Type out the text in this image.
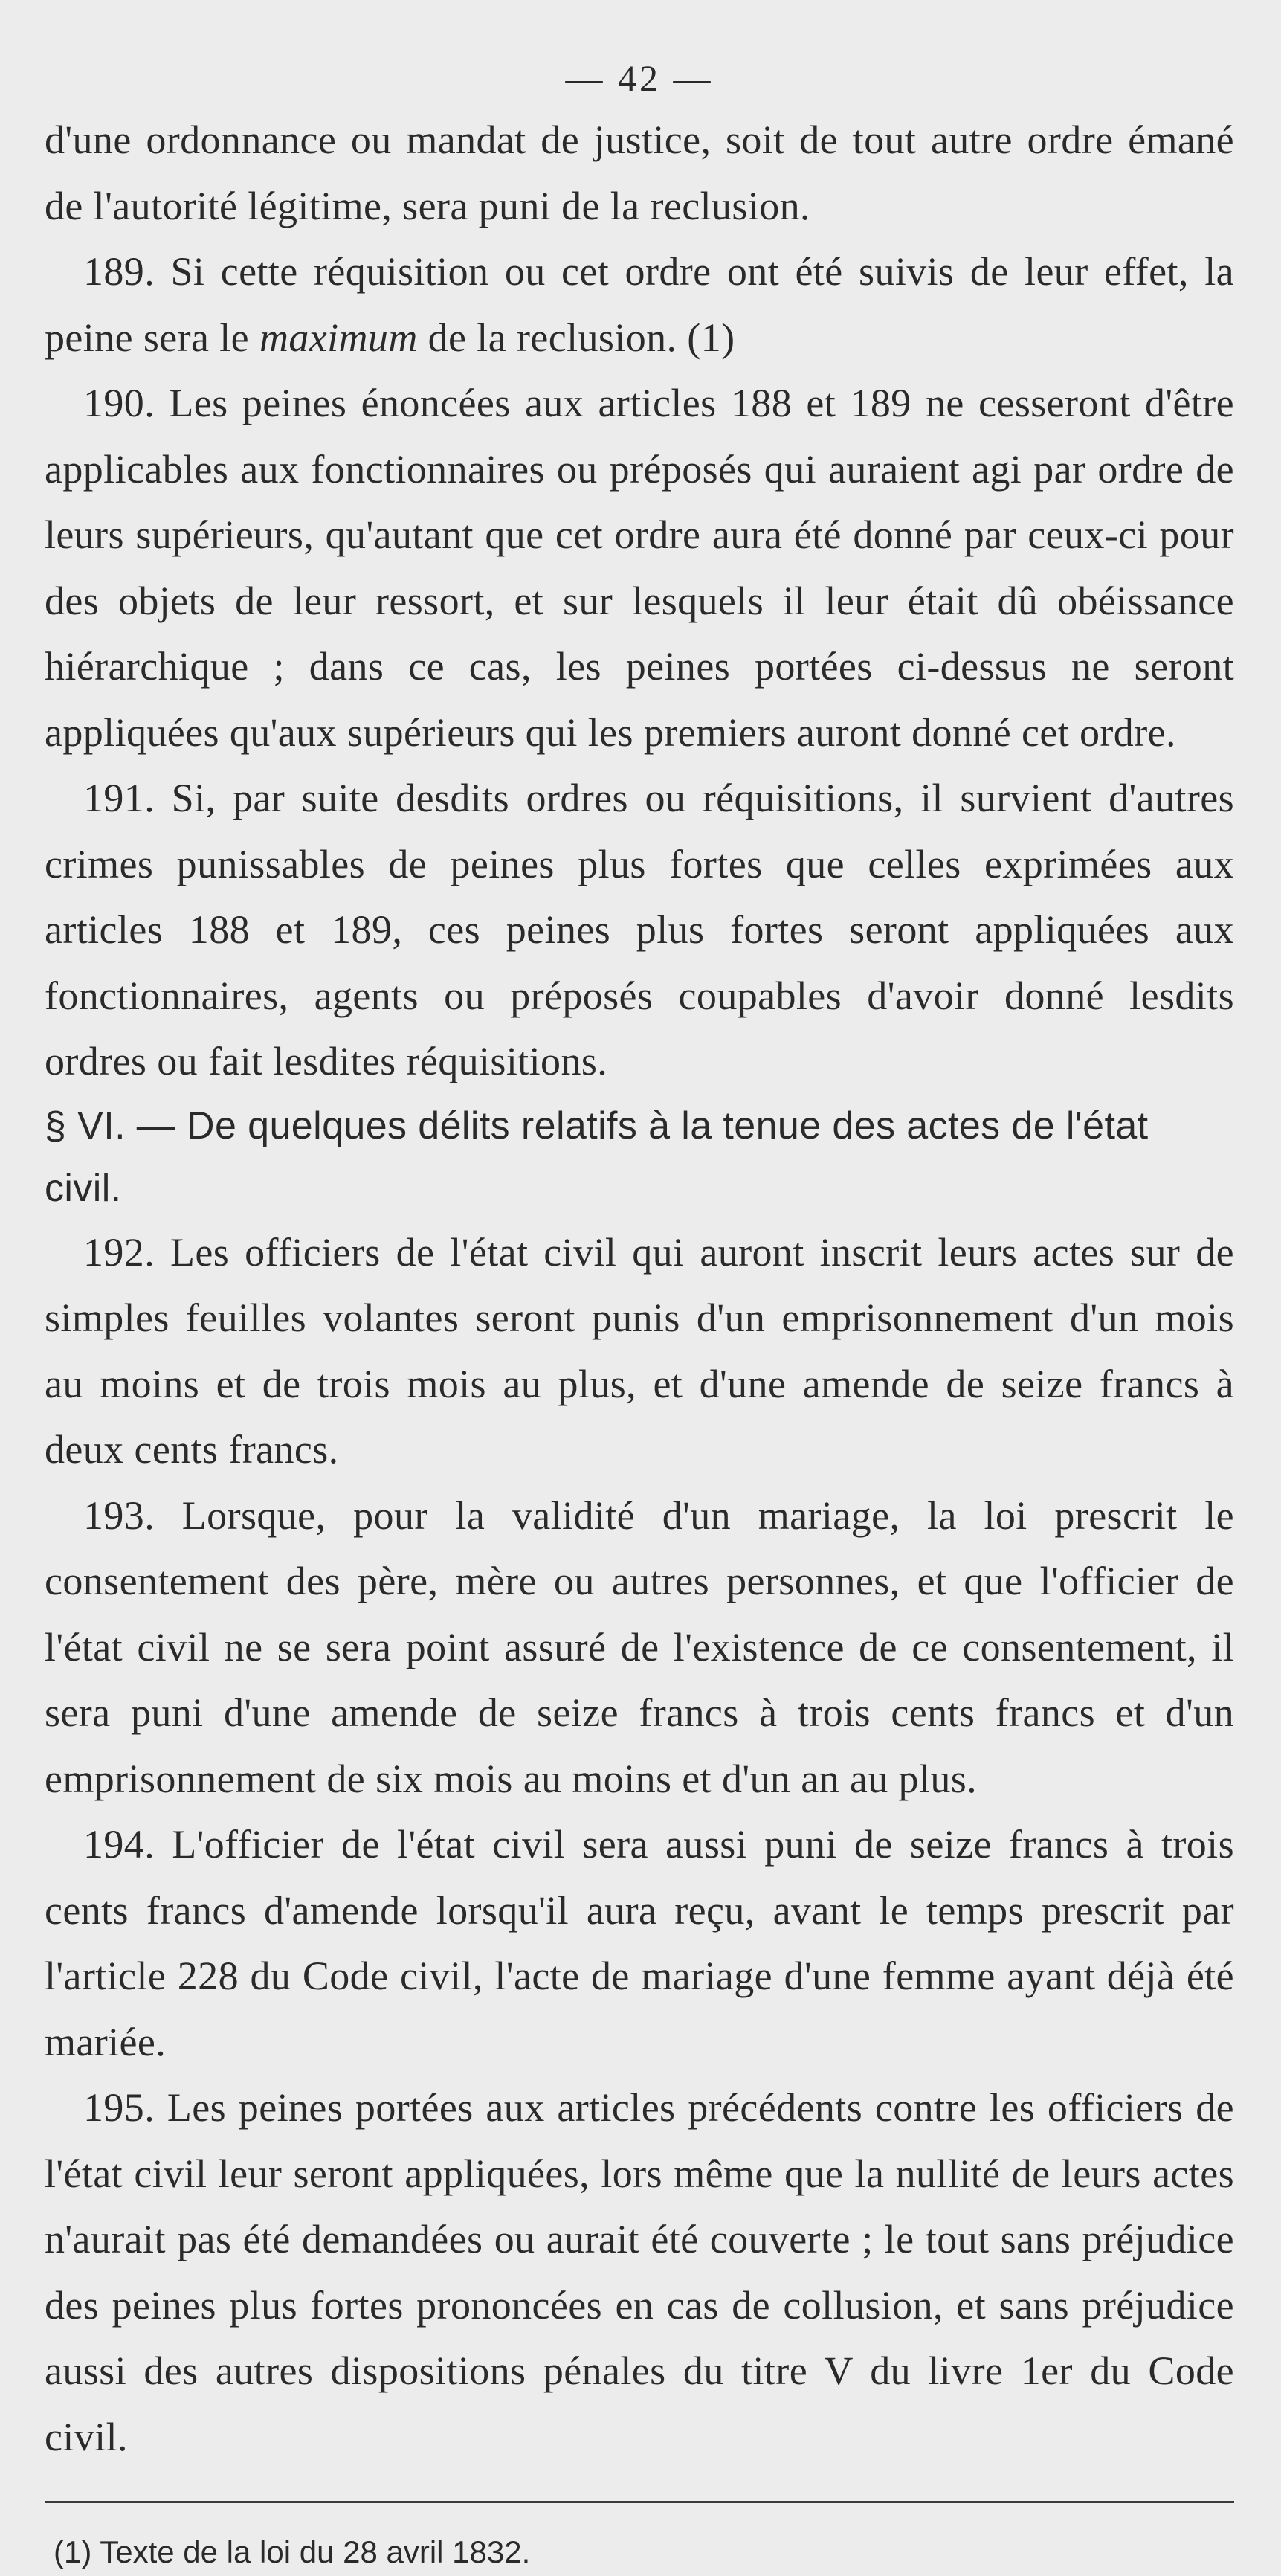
— 42 —

d'une ordonnance ou mandat de justice, soit de tout autre ordre émané de l'autorité légitime, sera puni de la reclusion.

189. Si cette réquisition ou cet ordre ont été suivis de leur effet, la peine sera le maximum de la reclusion. (1)

190. Les peines énoncées aux articles 188 et 189 ne cesseront d'être applicables aux fonctionnaires ou préposés qui auraient agi par ordre de leurs supérieurs, qu'autant que cet ordre aura été donné par ceux-ci pour des objets de leur ressort, et sur lesquels il leur était dû obéissance hiérarchique ; dans ce cas, les peines portées ci-dessus ne seront appliquées qu'aux supérieurs qui les premiers auront donné cet ordre.

191. Si, par suite desdits ordres ou réquisitions, il survient d'autres crimes punissables de peines plus fortes que celles exprimées aux articles 188 et 189, ces peines plus fortes seront appliquées aux fonctionnaires, agents ou préposés coupables d'avoir donné lesdits ordres ou fait lesdites réquisitions.

§ VI. — De quelques délits relatifs à la tenue des actes de l'état civil.

192. Les officiers de l'état civil qui auront inscrit leurs actes sur de simples feuilles volantes seront punis d'un emprisonnement d'un mois au moins et de trois mois au plus, et d'une amende de seize francs à deux cents francs.

193. Lorsque, pour la validité d'un mariage, la loi prescrit le consentement des père, mère ou autres personnes, et que l'officier de l'état civil ne se sera point assuré de l'existence de ce consentement, il sera puni d'une amende de seize francs à trois cents francs et d'un emprisonnement de six mois au moins et d'un an au plus.

194. L'officier de l'état civil sera aussi puni de seize francs à trois cents francs d'amende lorsqu'il aura reçu, avant le temps prescrit par l'article 228 du Code civil, l'acte de mariage d'une femme ayant déjà été mariée.

195. Les peines portées aux articles précédents contre les officiers de l'état civil leur seront appliquées, lors même que la nullité de leurs actes n'aurait pas été demandées ou aurait été couverte ; le tout sans préjudice des peines plus fortes prononcées en cas de collusion, et sans préjudice aussi des autres dispositions pénales du titre V du livre 1er du Code civil.

(1) Texte de la loi du 28 avril 1832.
